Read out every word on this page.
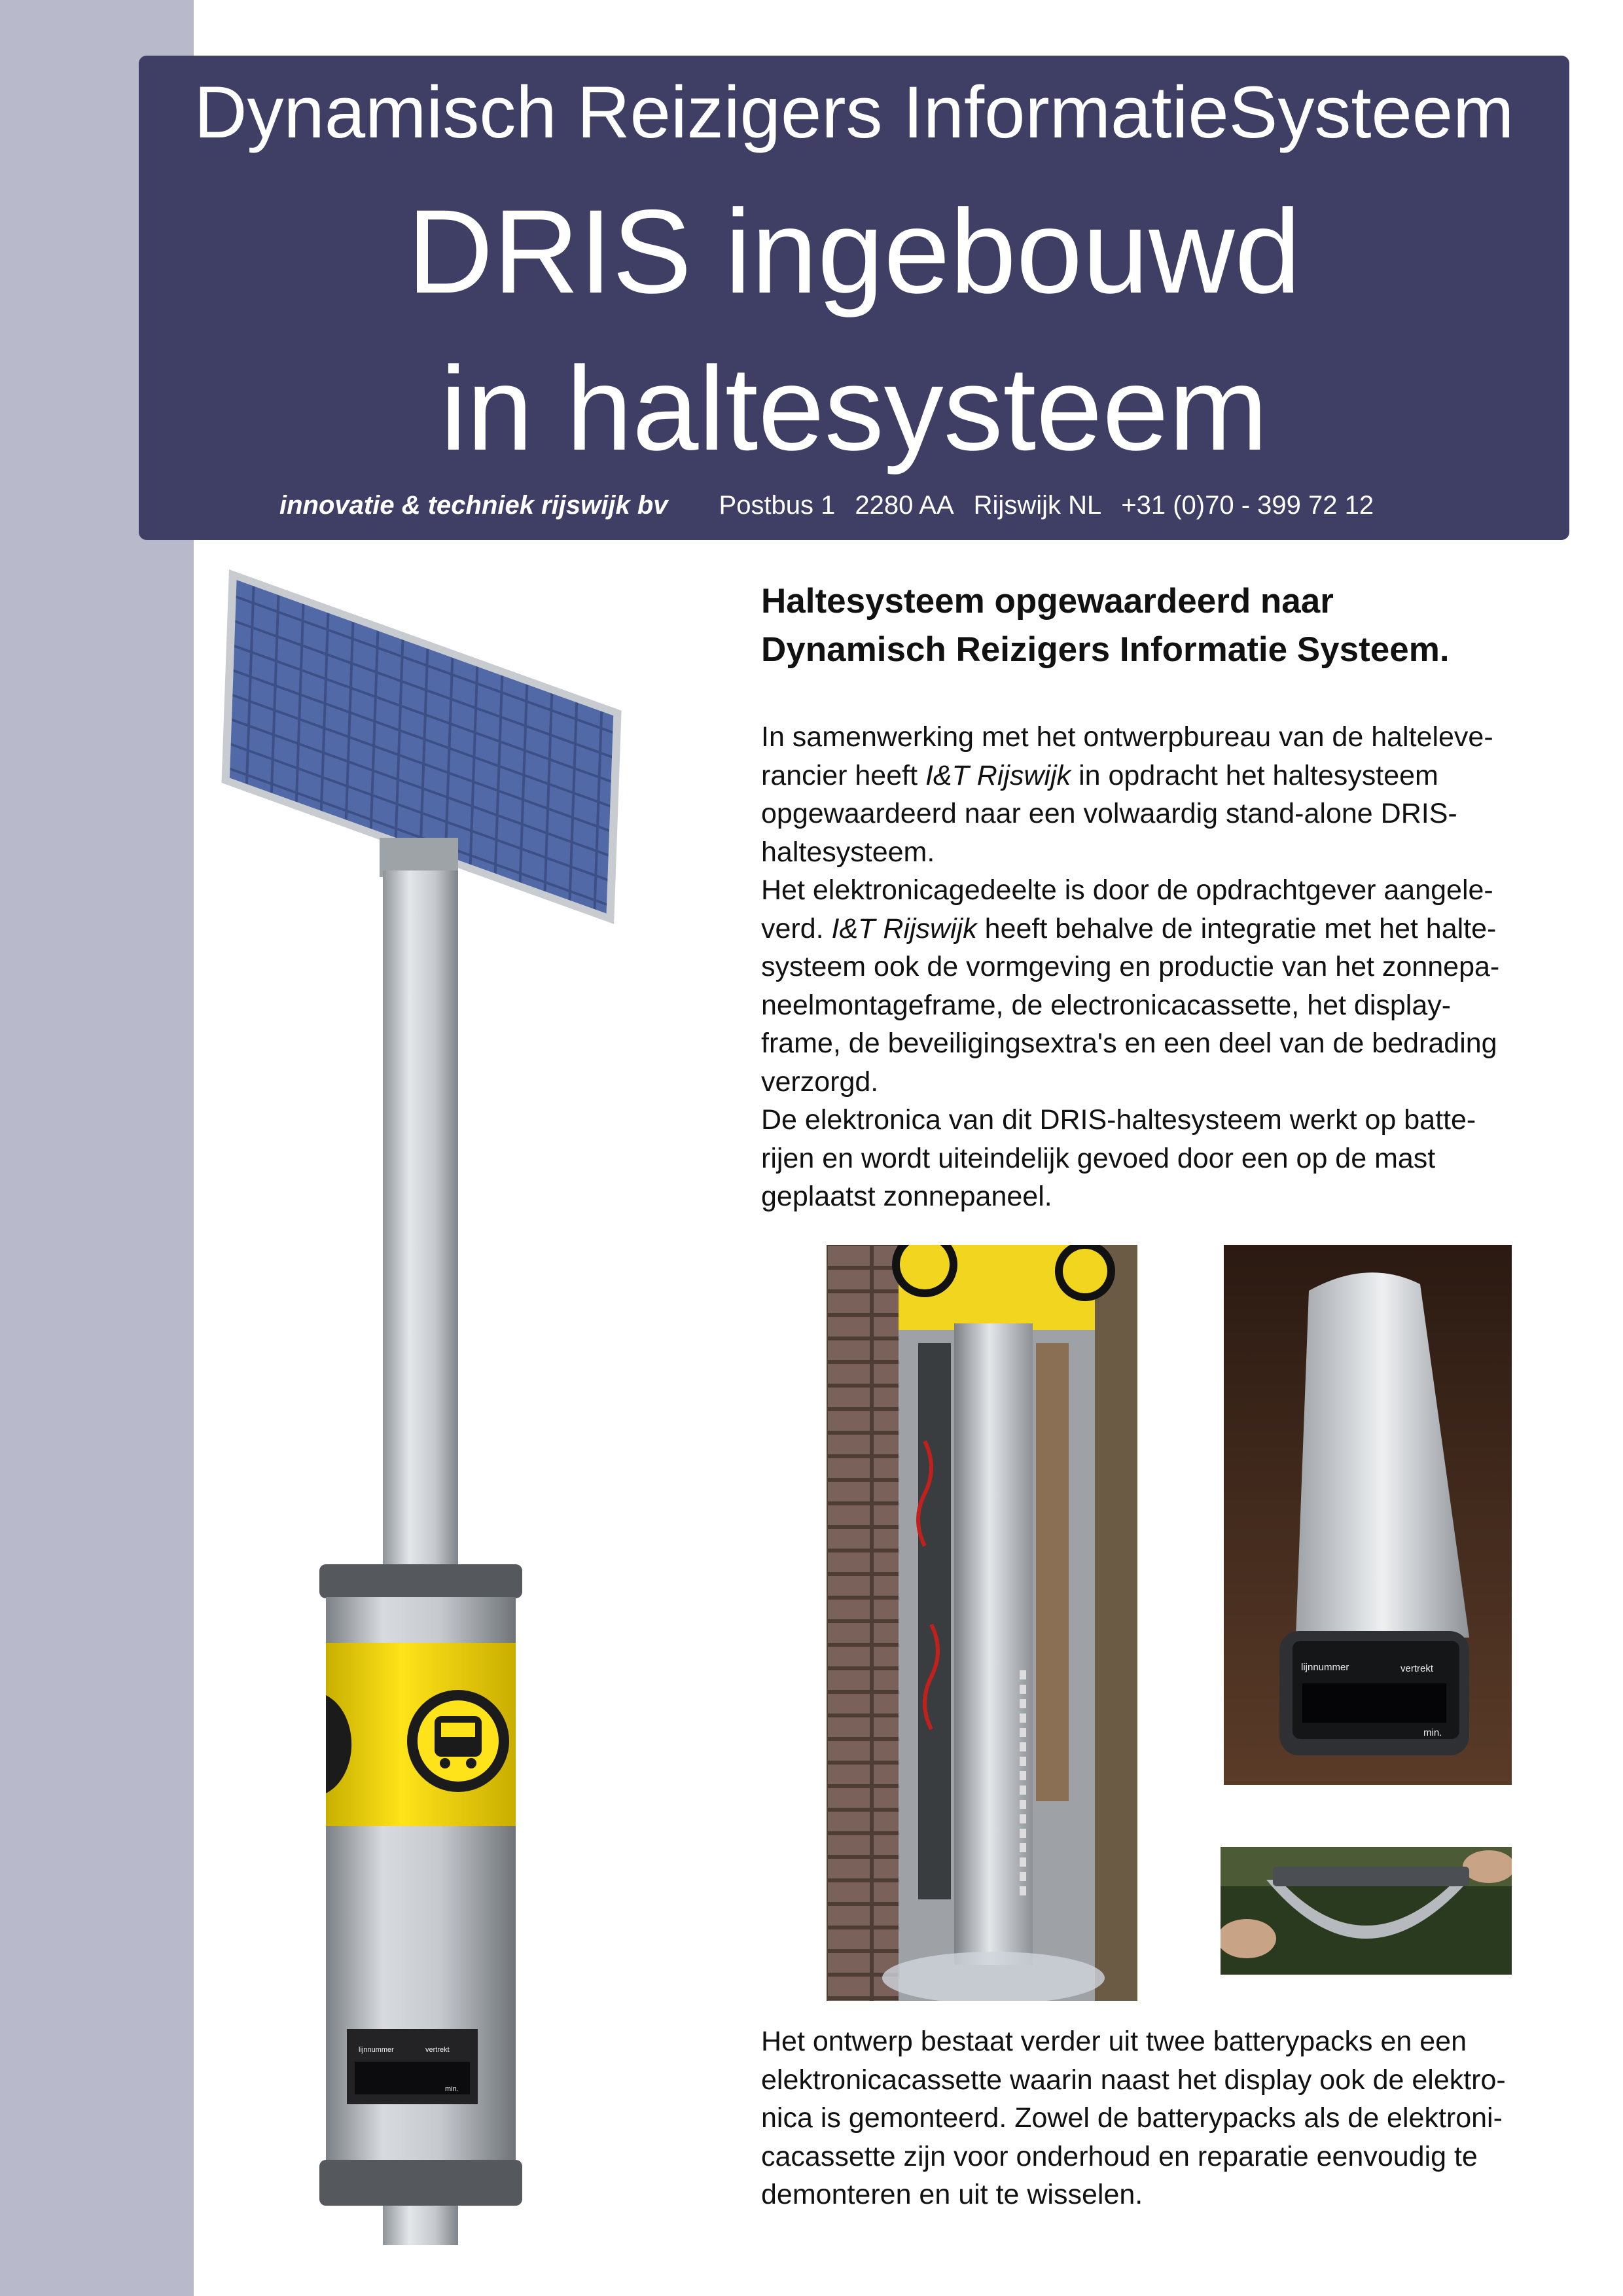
Dynamisch Reizigers InformatieSysteem
DRIS ingebouwd
in haltesysteem
innovatie & techniek rijswijk bv Postbus 1 2280 AA Rijswijk NL +31 (0)70 - 399 72 12
lijnnummer	vertrekt
min.
Haltesysteem opgewaardeerd naar
Dynamisch Reizigers Informatie Systeem.

In samenwerking met het ontwerpbureau van de halteleve-
rancier heeft I&T Rijswijk in opdracht het haltesysteem
opgewaardeerd naar een volwaardig stand-alone DRIS-
haltesysteem.

Het elektronicagedeelte is door de opdrachtgever aangele-
verd. I&T Rijswijk heeft behalve de integratie met het halte-
systeem ook de vormgeving en productie van het zonnepa-
neelmontageframe, de electronicacassette, het display-
frame, de beveiligingsextra's en een deel van de bedrading
verzorgd.

De elektronica van dit DRIS-haltesysteem werkt op batte-
rijen en wordt uiteindelijk gevoed door een op de mast
geplaatst zonnepaneel.

lijnnummer	vertrekt
min.

Het ontwerp bestaat verder uit twee batterypacks en een
elektronicacassette waarin naast het display ook de elektro-
nica is gemonteerd. Zowel de batterypacks als de elektroni-
cacassette zijn voor onderhoud en reparatie eenvoudig te
demonteren en uit te wisselen.
